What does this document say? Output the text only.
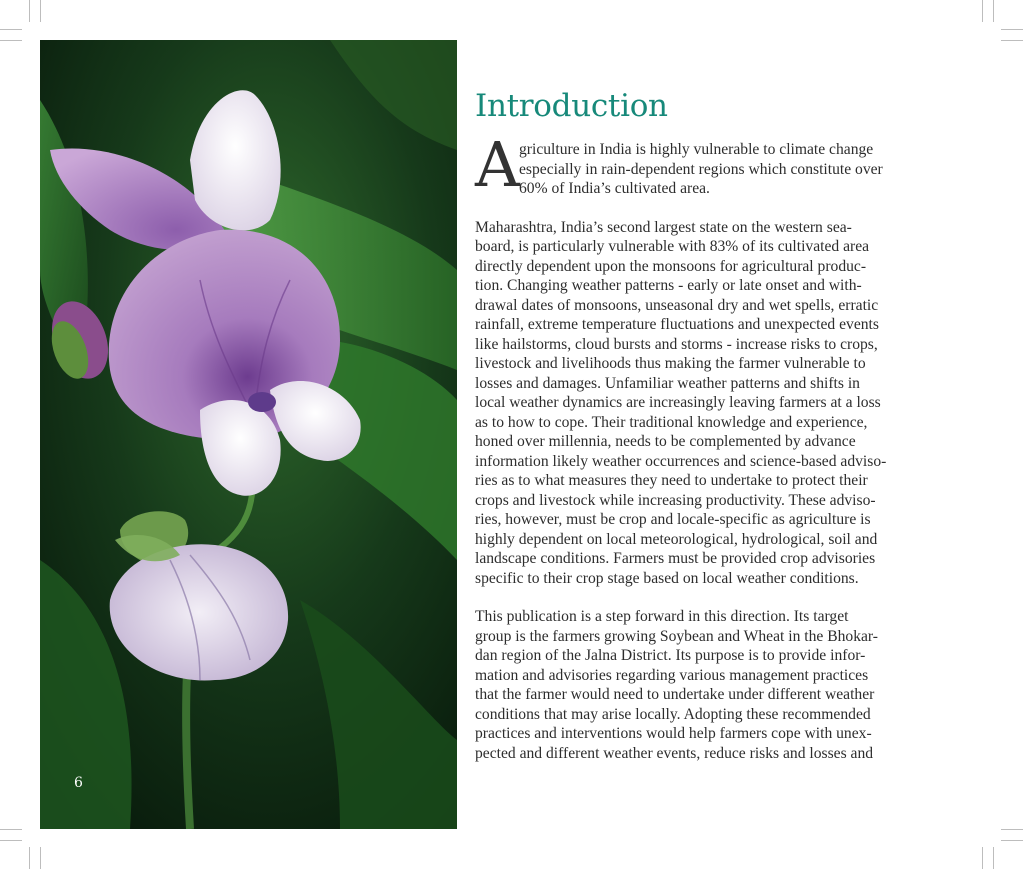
6
Introduction
A griculture in India is highly vulnerable to climate change
especially in rain-dependent regions which constitute over
60% of India’s cultivated area.
Maharashtra, India’s second largest state on the western sea-
board, is particularly vulnerable with 83% of its cultivated area
directly dependent upon the monsoons for agricultural produc-
tion. Changing weather patterns - early or late onset and with-
drawal dates of monsoons, unseasonal dry and wet spells, erratic
rainfall, extreme temperature fluctuations and unexpected events
like hailstorms, cloud bursts and storms - increase risks to crops,
livestock and livelihoods thus making the farmer vulnerable to
losses and damages. Unfamiliar weather patterns and shifts in
local weather dynamics are increasingly leaving farmers at a loss
as to how to cope. Their traditional knowledge and experience,
honed over millennia, needs to be complemented by advance
information likely weather occurrences and science-based adviso-
ries as to what measures they need to undertake to protect their
crops and livestock while increasing productivity. These adviso-
ries, however, must be crop and locale-specific as agriculture is
highly dependent on local meteorological, hydrological, soil and
landscape conditions. Farmers must be provided crop advisories
specific to their crop stage based on local weather conditions.
This publication is a step forward in this direction. Its target
group is the farmers growing Soybean and Wheat in the Bhokar-
dan region of the Jalna District. Its purpose is to provide infor-
mation and advisories regarding various management practices
that the farmer would need to undertake under different weather
conditions that may arise locally. Adopting these recommended
practices and interventions would help farmers cope with unex-
pected and different weather events, reduce risks and losses and
